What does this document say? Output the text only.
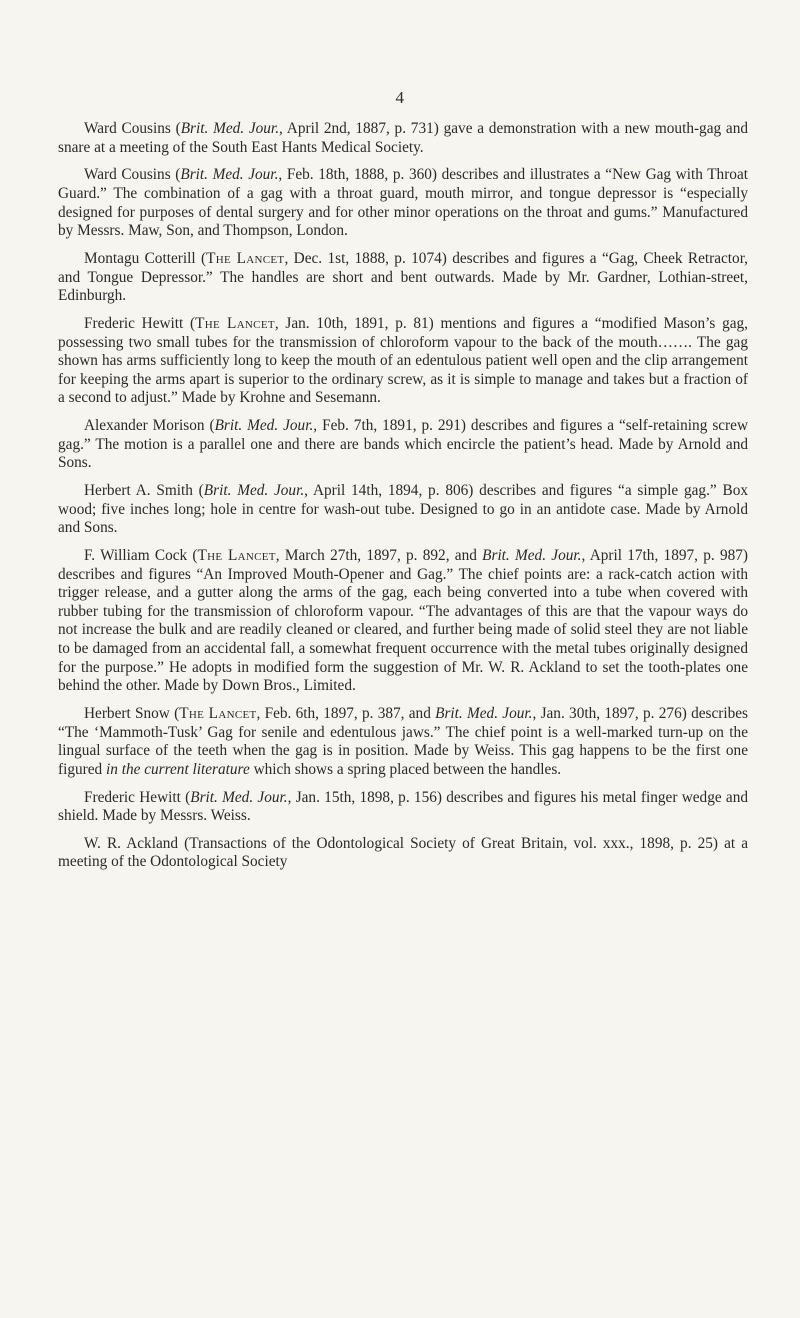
4

Ward Cousins (Brit. Med. Jour., April 2nd, 1887, p. 731) gave a demonstration with a new mouth-gag and snare at a meeting of the South East Hants Medical Society.

Ward Cousins (Brit. Med. Jour., Feb. 18th, 1888, p. 360) describes and illustrates a “New Gag with Throat Guard.” The combination of a gag with a throat guard, mouth mirror, and tongue depressor is “especially designed for purposes of dental surgery and for other minor operations on the throat and gums.” Manufactured by Messrs. Maw, Son, and Thompson, London.

Montagu Cotterill (The Lancet, Dec. 1st, 1888, p. 1074) describes and figures a “Gag, Cheek Retractor, and Tongue Depressor.” The handles are short and bent outwards. Made by Mr. Gardner, Lothian-street, Edinburgh.

Frederic Hewitt (The Lancet, Jan. 10th, 1891, p. 81) mentions and figures a “modified Mason’s gag, possessing two small tubes for the transmission of chloroform vapour to the back of the mouth……. The gag shown has arms sufficiently long to keep the mouth of an edentulous patient well open and the clip arrangement for keeping the arms apart is superior to the ordinary screw, as it is simple to manage and takes but a fraction of a second to adjust.” Made by Krohne and Sesemann.

Alexander Morison (Brit. Med. Jour., Feb. 7th, 1891, p. 291) describes and figures a “self-retaining screw gag.” The motion is a parallel one and there are bands which encircle the patient’s head. Made by Arnold and Sons.

Herbert A. Smith (Brit. Med. Jour., April 14th, 1894, p. 806) describes and figures “a simple gag.” Box wood; five inches long; hole in centre for wash-out tube. Designed to go in an antidote case. Made by Arnold and Sons.

F. William Cock (The Lancet, March 27th, 1897, p. 892, and Brit. Med. Jour., April 17th, 1897, p. 987) describes and figures “An Improved Mouth-Opener and Gag.” The chief points are: a rack-catch action with trigger release, and a gutter along the arms of the gag, each being converted into a tube when covered with rubber tubing for the transmission of chloroform vapour. “The advantages of this are that the vapour ways do not increase the bulk and are readily cleaned or cleared, and further being made of solid steel they are not liable to be damaged from an accidental fall, a somewhat frequent occurrence with the metal tubes originally designed for the purpose.” He adopts in modified form the suggestion of Mr. W. R. Ackland to set the tooth-plates one behind the other. Made by Down Bros., Limited.

Herbert Snow (The Lancet, Feb. 6th, 1897, p. 387, and Brit. Med. Jour., Jan. 30th, 1897, p. 276) describes “The ‘Mammoth-Tusk’ Gag for senile and edentulous jaws.” The chief point is a well-marked turn-up on the lingual surface of the teeth when the gag is in position. Made by Weiss. This gag happens to be the first one figured in the current literature which shows a spring placed between the handles.

Frederic Hewitt (Brit. Med. Jour., Jan. 15th, 1898, p. 156) describes and figures his metal finger wedge and shield. Made by Messrs. Weiss.

W. R. Ackland (Transactions of the Odontological Society of Great Britain, vol. xxx., 1898, p. 25) at a meeting of the Odontological Society
